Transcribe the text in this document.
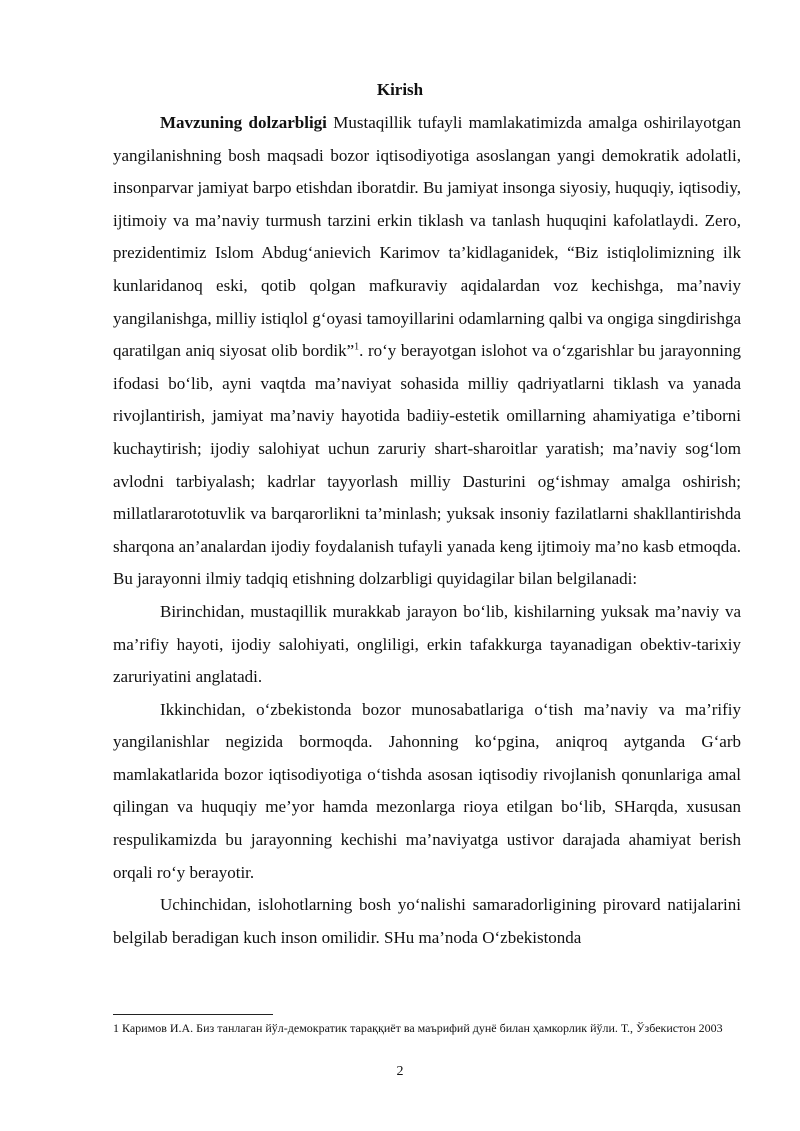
Kirish

Mavzuning dolzarbligi Mustaqillik tufayli mamlakatimizda amalga oshirilayotgan yangilanishning bosh maqsadi bozor iqtisodiyotiga asoslangan yangi demokratik adolatli, insonparvar jamiyat barpo etishdan iboratdir. Bu jamiyat insonga siyosiy, huquqiy, iqtisodiy, ijtimoiy va ma’naviy turmush tarzini erkin tiklash va tanlash huquqini kafolatlaydi. Zero, prezidentimiz Islom Abdug‘anievich Karimov ta’kidlaganidek, “Biz istiqlolimizning ilk kunlaridanoq eski, qotib qolgan mafkuraviy aqidalardan voz kechishga, ma’naviy yangilanishga, milliy istiqlol g‘oyasi tamoyillarini odamlarning qalbi va ongiga singdirishga qaratilgan aniq siyosat olib bordik”$^1$. ro‘y berayotgan islohot va o‘zgarishlar bu jarayonning ifodasi bo‘lib, ayni vaqtda ma’naviyat sohasida milliy qadriyatlarni tiklash va yanada rivojlantirish, jamiyat ma’naviy hayotida badiiy-estetik omillarning ahamiyatiga e’tiborni kuchaytirish; ijodiy salohiyat uchun zaruriy shart-sharoitlar yaratish; ma’naviy sog‘lom avlodni tarbiyalash; kadrlar tayyorlash milliy Dasturini og‘ishmay amalga oshirish; millatlararototuvlik va barqarorlikni ta’minlash; yuksak insoniy fazilatlarni shakllantirishda sharqona an’analardan ijodiy foydalanish tufayli yanada keng ijtimoiy ma’no kasb etmoqda. Bu jarayonni ilmiy tadqiq etishning dolzarbligi quyidagilar bilan belgilanadi:

Birinchidan, mustaqillik murakkab jarayon bo‘lib, kishilarning yuksak ma’naviy va ma’rifiy hayoti, ijodiy salohiyati, ongliligi, erkin tafakkurga tayanadigan obektiv-tarixiy zaruriyatini anglatadi.

Ikkinchidan, o‘zbekistonda bozor munosabatlariga o‘tish ma’naviy va ma’rifiy yangilanishlar negizida bormoqda. Jahonning ko‘pgina, aniqroq aytganda G‘arb mamlakatlarida bozor iqtisodiyotiga o‘tishda asosan iqtisodiy rivojlanish qonunlariga amal qilingan va huquqiy me’yor hamda mezonlarga rioya etilgan bo‘lib, SHarqda, xususan respulikamizda bu jarayonning kechishi ma’naviyatga ustivor darajada ahamiyat berish orqali ro‘y berayotir.

Uchinchidan, islohotlarning bosh yo‘nalishi samaradorligining pirovard natijalarini belgilab beradigan kuch inson omilidir. SHu ma’noda O‘zbekistonda

1 Каримов И.А. Биз танлаган йўл-демократик тараққиёт ва маърифий дунё билан ҳамкорлик йўли. Т., Ўзбекистон 2003
2
